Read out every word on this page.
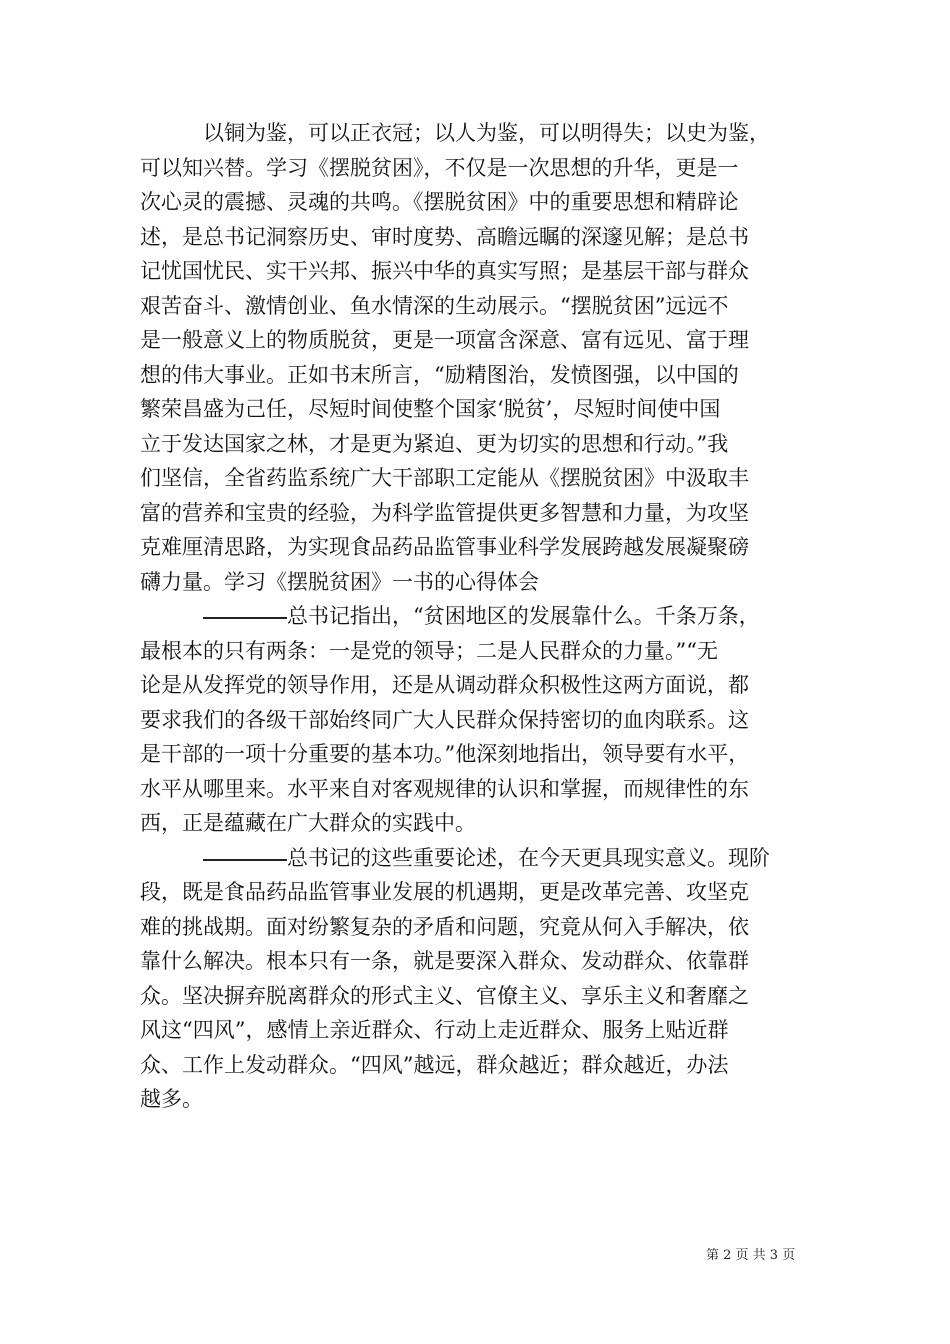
以铜为鉴，可以正衣冠；以人为鉴，可以明得失；以史为鉴，
可以知兴替。学习《摆脱贫困》，不仅是一次思想的升华，更是一
次心灵的震撼、灵魂的共鸣。《摆脱贫困》中的重要思想和精辟论
述，是总书记洞察历史、审时度势、高瞻远瞩的深邃见解；是总书
记忧国忧民、实干兴邦、振兴中华的真实写照；是基层干部与群众
艰苦奋斗、激情创业、鱼水情深的生动展示。“摆脱贫困”远远不
是一般意义上的物质脱贫，更是一项富含深意、富有远见、富于理
想的伟大事业。正如书末所言，“励精图治，发愤图强，以中国的
繁荣昌盛为己任，尽短时间使整个国家‘脱贫’，尽短时间使中国
立于发达国家之林，才是更为紧迫、更为切实的思想和行动。”我
们坚信，全省药监系统广大干部职工定能从《摆脱贫困》中汲取丰
富的营养和宝贵的经验，为科学监管提供更多智慧和力量，为攻坚
克难厘清思路，为实现食品药品监管事业科学发展跨越发展凝聚磅
礴力量。学习《摆脱贫困》一书的心得体会
总书记指出，“贫困地区的发展靠什么。千条万条，
最根本的只有两条：一是党的领导；二是人民群众的力量。”“无
论是从发挥党的领导作用，还是从调动群众积极性这两方面说，都
要求我们的各级干部始终同广大人民群众保持密切的血肉联系。这
是干部的一项十分重要的基本功。”他深刻地指出，领导要有水平，
水平从哪里来。水平来自对客观规律的认识和掌握，而规律性的东
西，正是蕴藏在广大群众的实践中。
总书记的这些重要论述，在今天更具现实意义。现阶
段，既是食品药品监管事业发展的机遇期，更是改革完善、攻坚克
难的挑战期。面对纷繁复杂的矛盾和问题，究竟从何入手解决，依
靠什么解决。根本只有一条，就是要深入群众、发动群众、依靠群
众。坚决摒弃脱离群众的形式主义、官僚主义、享乐主义和奢靡之
风这“四风”，感情上亲近群众、行动上走近群众、服务上贴近群
众、工作上发动群众。“四风”越远，群众越近；群众越近，办法
越多。
第 2 页 共 3 页
